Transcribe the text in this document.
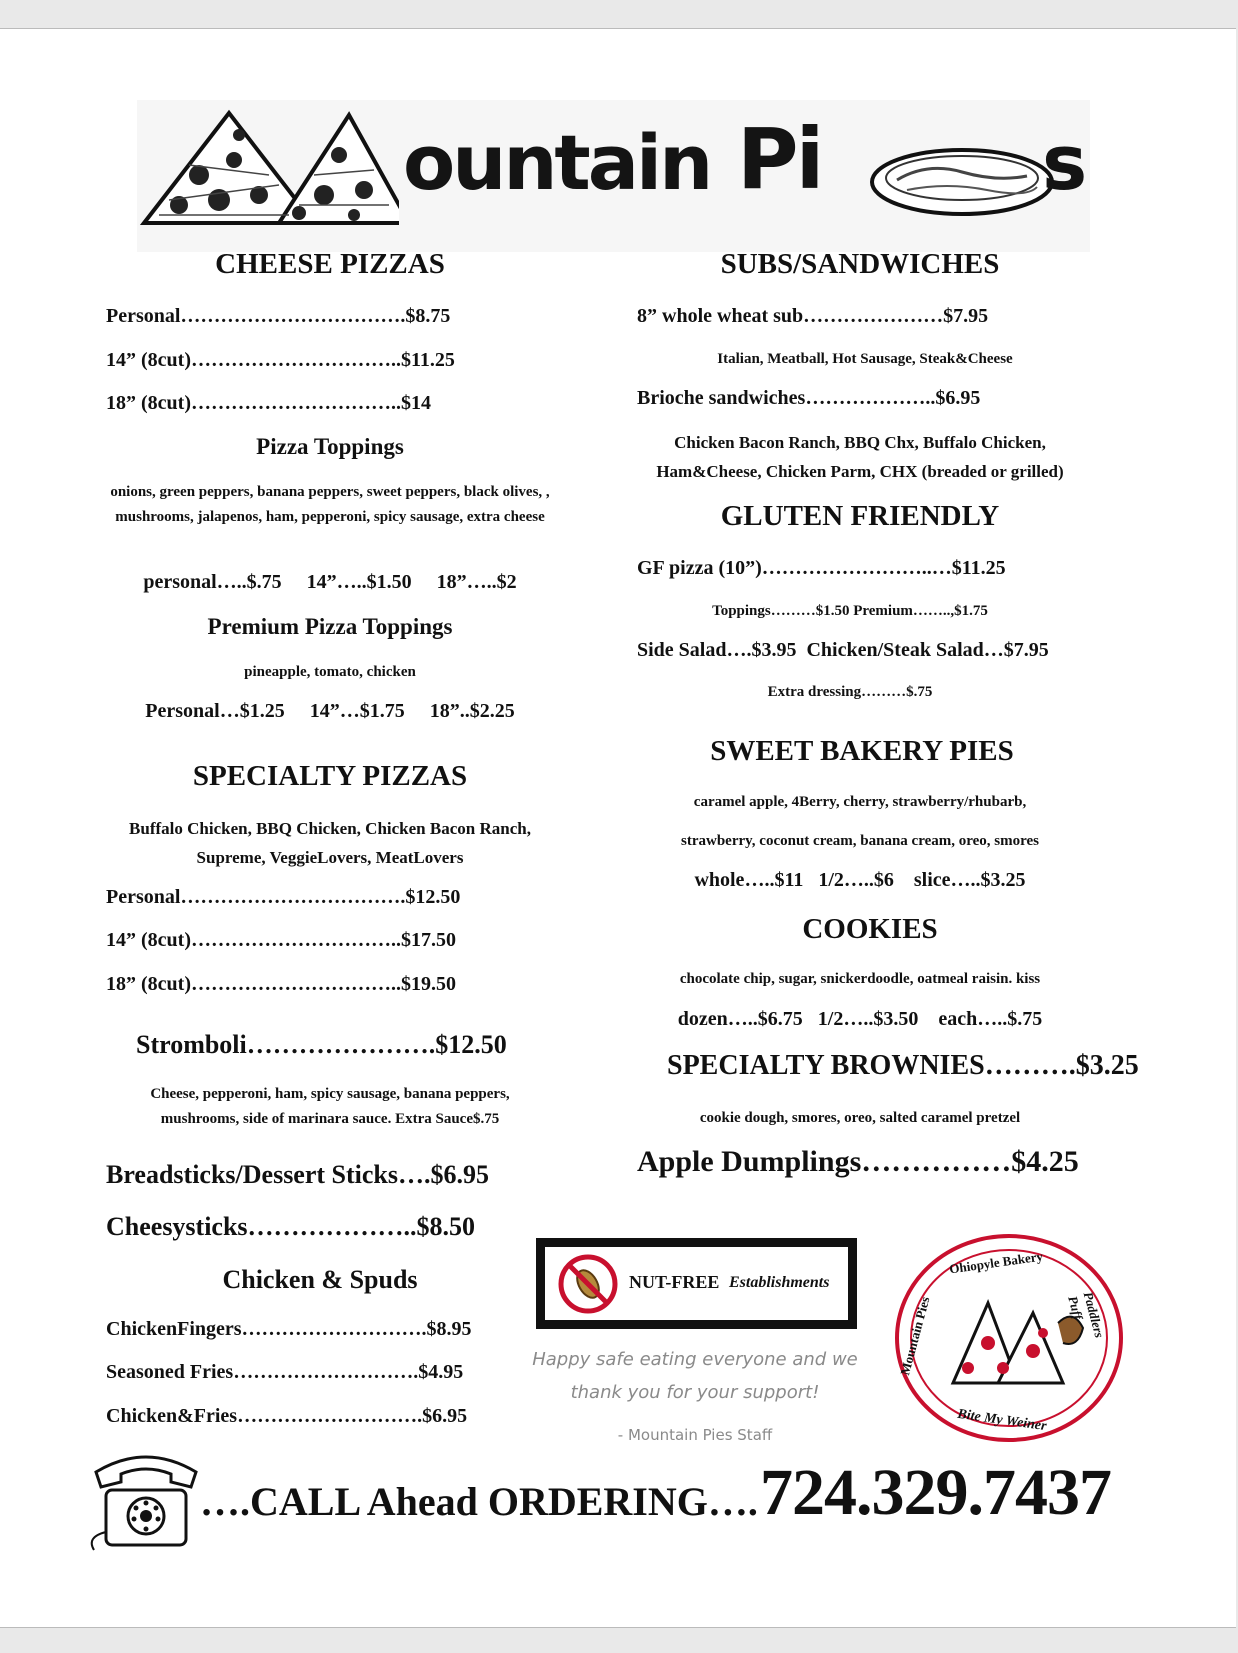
ountain Pi	s
CHEESE PIZZAS
Personal…………………………….$8.75
14” (8cut)…………………………..$11.25
18” (8cut)…………………………..$14
Pizza Toppings
onions, green peppers, banana peppers, sweet peppers, black olives, , mushrooms, jalapenos, ham, pepperoni, spicy sausage, extra cheese
personal…..$.75     14”…..$1.50     18”…..$2
Premium Pizza Toppings
pineapple, tomato, chicken
Personal…$1.25     14”…$1.75     18”..$2.25
SPECIALTY PIZZAS
Buffalo Chicken, BBQ Chicken, Chicken Bacon Ranch, Supreme, VeggieLovers, MeatLovers
Personal…………………………….$12.50
14” (8cut)…………………………..$17.50
18” (8cut)…………………………..$19.50
Stromboli………………….$12.50
Cheese, pepperoni, ham, spicy sausage, banana peppers, mushrooms, side of marinara sauce. Extra Sauce$.75
Breadsticks/Dessert Sticks….$6.95
Cheesysticks………………..$8.50
Chicken & Spuds
ChickenFingers……………………….$8.95
Seasoned Fries……………………….$4.95
Chicken&Fries……………………….$6.95
SUBS/SANDWICHES
8” whole wheat sub…………………$7.95
Italian, Meatball, Hot Sausage, Steak&Cheese
Brioche sandwiches………………..$6.95
Chicken Bacon Ranch, BBQ Chx, Buffalo Chicken, Ham&Cheese, Chicken Parm, CHX (breaded or grilled)
GLUTEN FRIENDLY
GF pizza (10”)……………………..…$11.25
Toppings………$1.50 Premium……..,$1.75
Side Salad….$3.95  Chicken/Steak Salad…$7.95
Extra dressing………$.75
SWEET BAKERY PIES
caramel apple, 4Berry, cherry, strawberry/rhubarb,
strawberry, coconut cream, banana cream, oreo, smores
whole…..$11   1/2…..$6    slice…..$3.25
COOKIES
chocolate chip, sugar, snickerdoodle, oatmeal raisin. kiss
dozen…..$6.75   1/2…..$3.50    each…..$.75
SPECIALTY BROWNIES……….$3.25
cookie dough, smores, oreo, salted caramel pretzel
Apple Dumplings……………$4.25
NUT-FREE Establishments
Happy safe eating everyone and we
thank you for your support!
- Mountain Pies Staff
Ohiopyle Bakery
Mountain Pies	Paddlers Puff
Bite My Weiner
….CALL Ahead ORDERING…. 724.329.7437
